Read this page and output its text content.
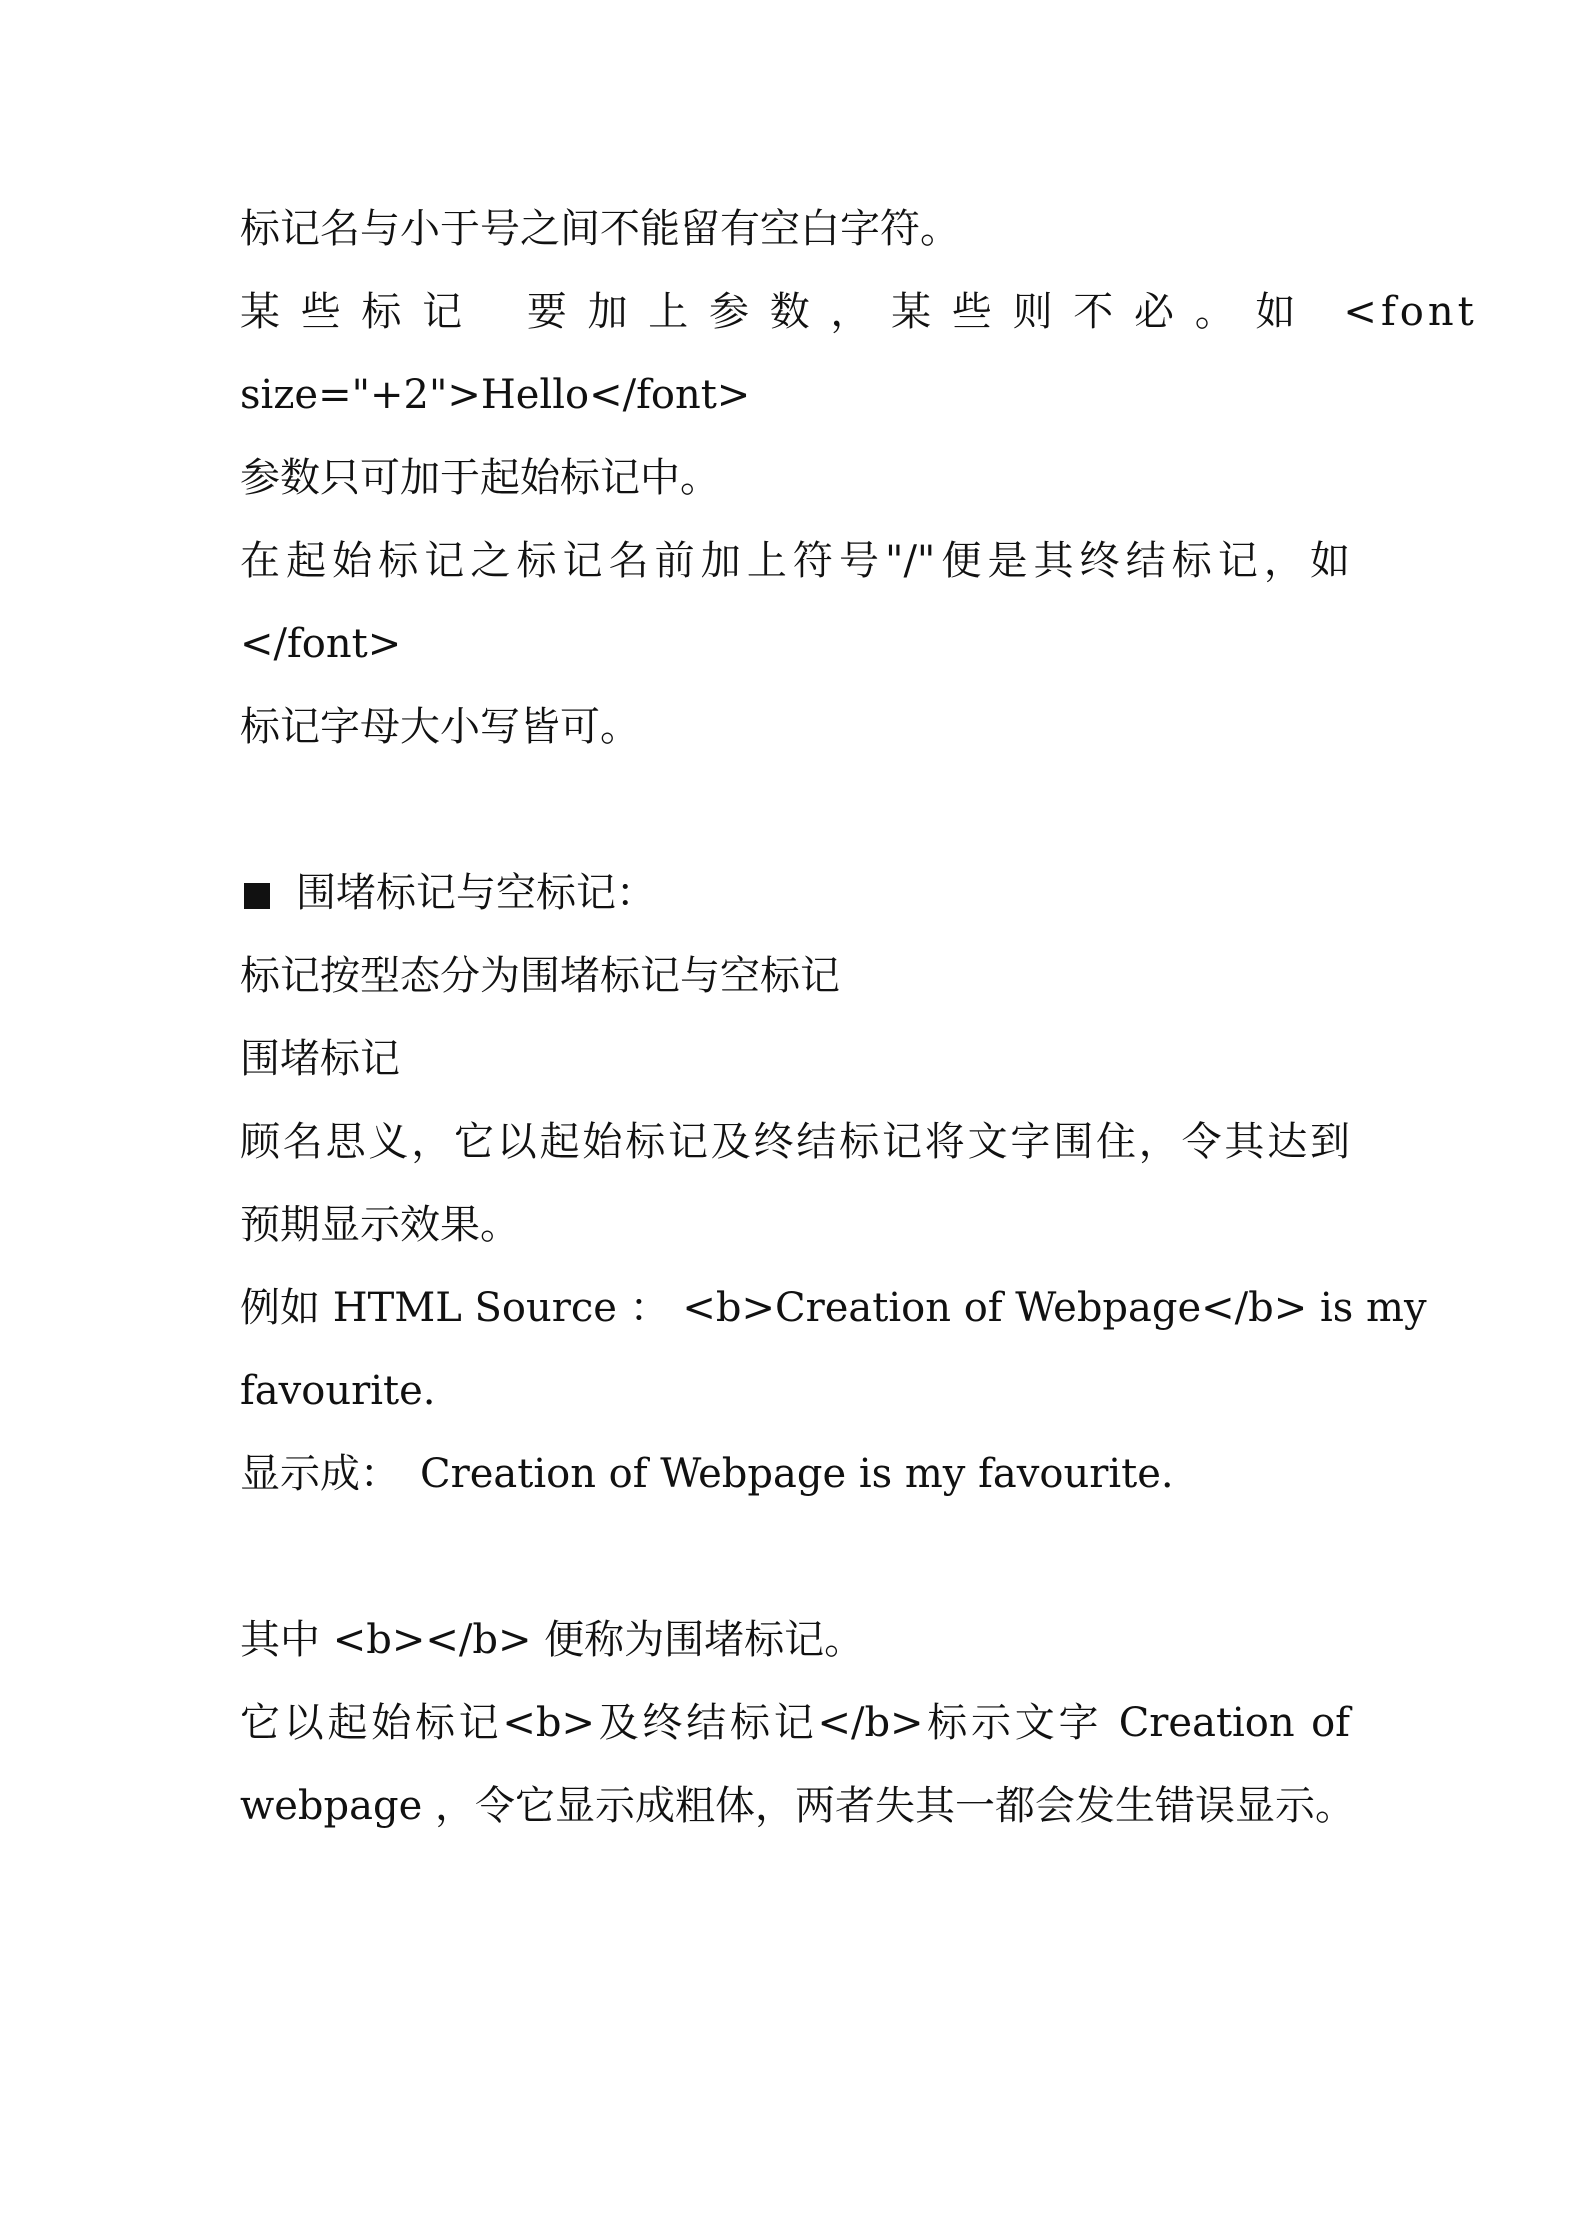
标记名与小于号之间不能留有空白字符。
某 些 标 记　 要 加 上 参 数 ， 某 些 则 不 必 。 如　<font
size="+2">Hello</font>
参数只可加于起始标记中。
在起始标记之标记名前加上符号"/"便是其终结标记，如
</font>
标记字母大小写皆可。
围堵标记与空标记：
标记按型态分为围堵标记与空标记
围堵标记
顾名思义，它以起始标记及终结标记将文字围住，令其达到
预期显示效果。
例如 HTML Source ： <b>Creation of Webpage</b> is my
favourite.
显示成：　Creation of Webpage is my favourite.
其中 <b></b> 便称为围堵标记。
它以起始标记<b>及终结标记</b>标示文字 Creation of
webpage ，令它显示成粗体，两者失其一都会发生错误显示。
